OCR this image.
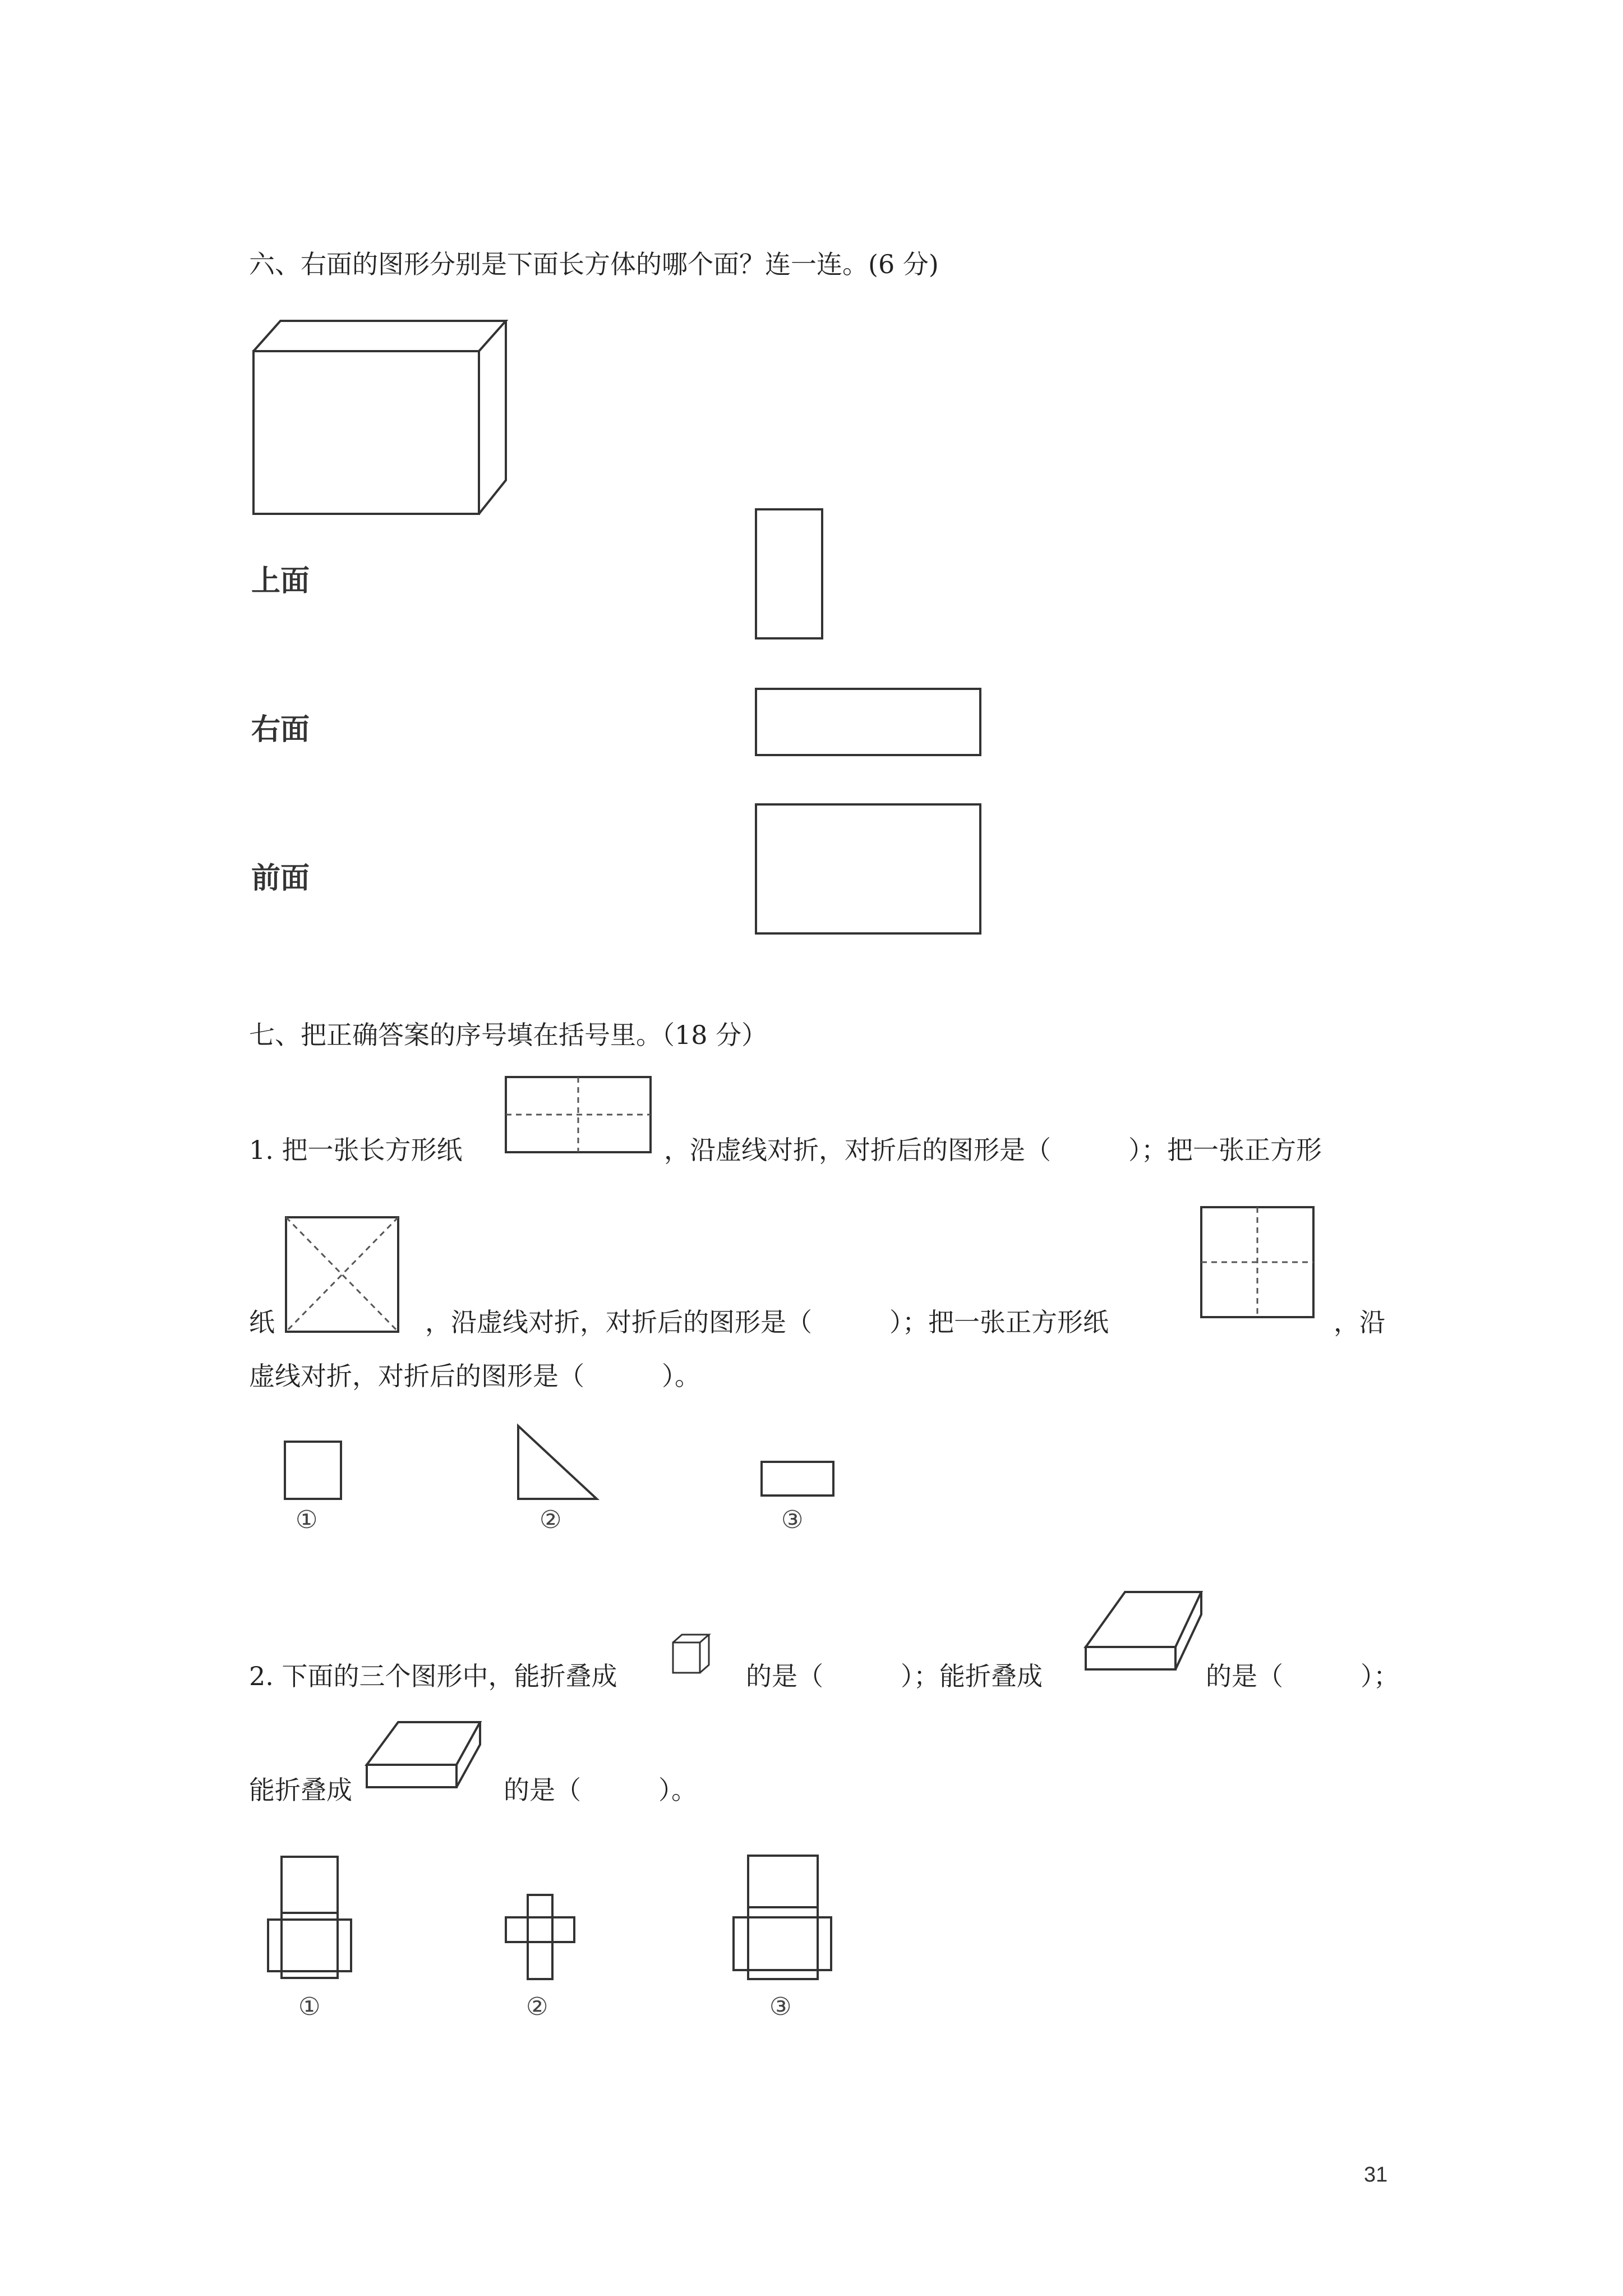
六、右面的图形分别是下面长方体的哪个面？连一连。(6 分)
上面
右面
前面
七、把正确答案的序号填在括号里。（18 分）
1. 把一张长方形纸	，沿虚线对折，对折后的图形是（　　　）；把一张正方形
纸	，沿虚线对折，对折后的图形是（　　　）；把一张正方形纸	，沿
虚线对折，对折后的图形是（　　　）。
①	②	③
2. 下面的三个图形中，能折叠成	的是（　　　）；能折叠成	的是（　　　）；
能折叠成	的是（　　　）。
①	②	③
31
